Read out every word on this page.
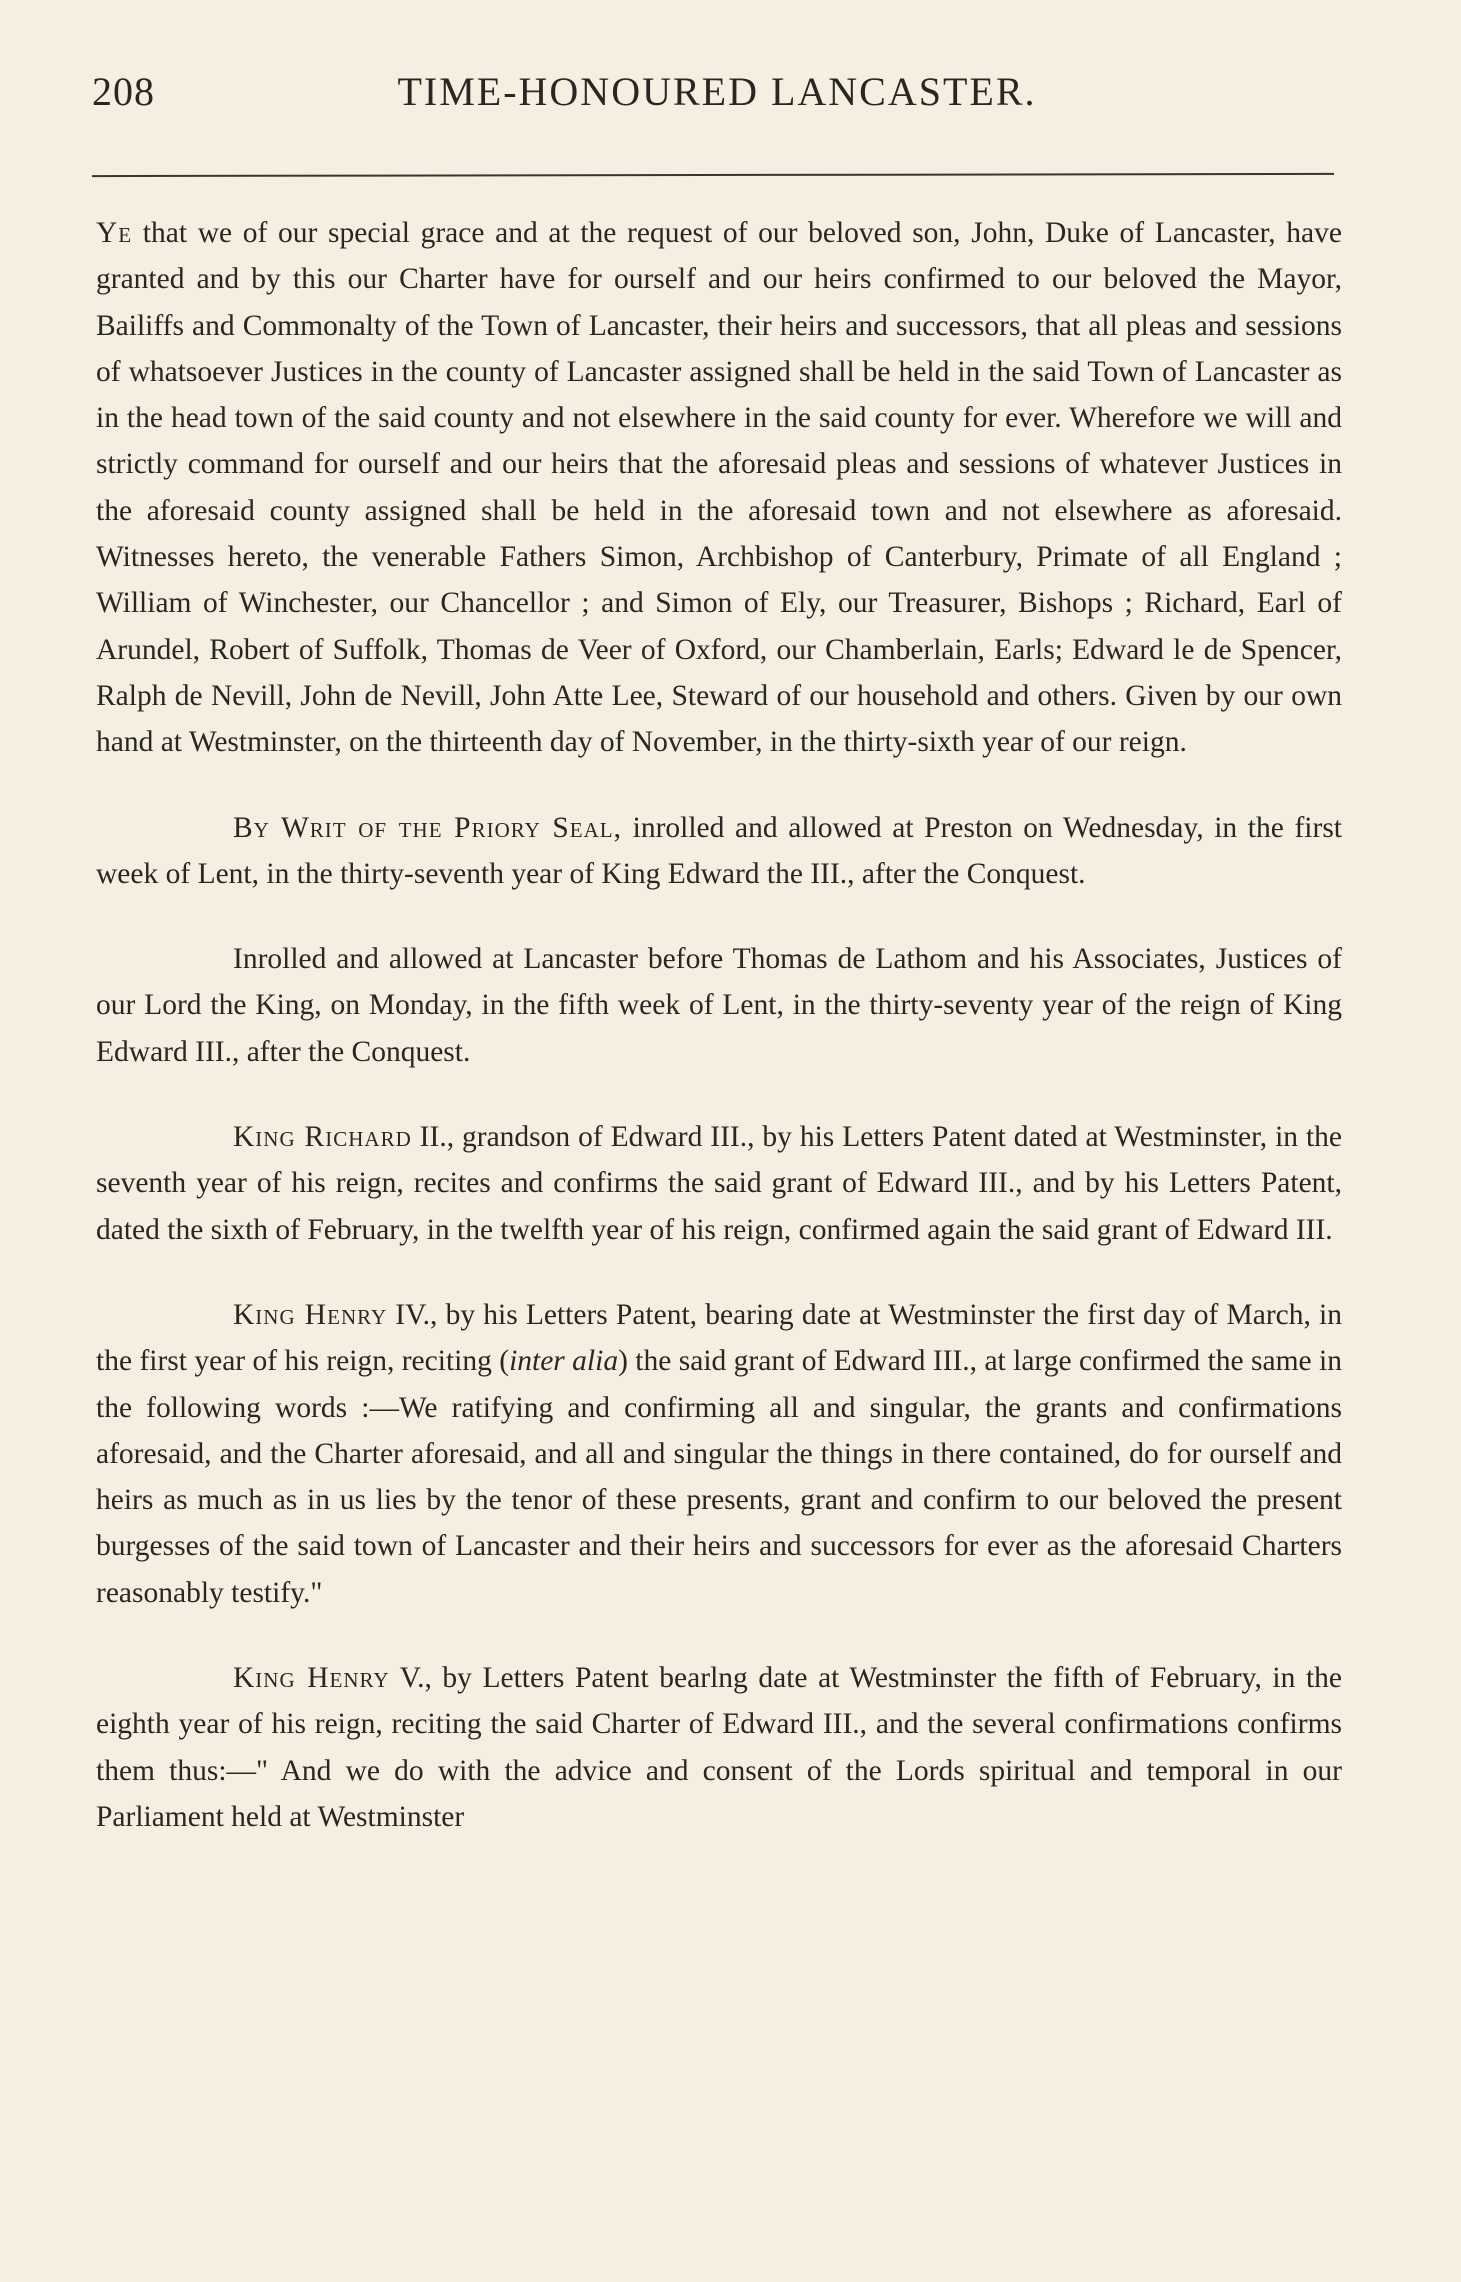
208	TIME-HONOURED LANCASTER.

Ye that we of our special grace and at the request of our beloved son, John, Duke of Lancaster, have granted and by this our Charter have for ourself and our heirs confirmed to our beloved the Mayor, Bailiffs and Commonalty of the Town of Lancaster, their heirs and successors, that all pleas and sessions of whatsoever Justices in the county of Lancaster assigned shall be held in the said Town of Lancaster as in the head town of the said county and not elsewhere in the said county for ever. Wherefore we will and strictly command for ourself and our heirs that the aforesaid pleas and sessions of whatever Justices in the aforesaid county assigned shall be held in the aforesaid town and not elsewhere as aforesaid. Witnesses hereto, the venerable Fathers Simon, Archbishop of Canterbury, Primate of all England ; William of Winchester, our Chancellor ; and Simon of Ely, our Treasurer, Bishops ; Richard, Earl of Arundel, Robert of Suffolk, Thomas de Veer of Oxford, our Chamberlain, Earls; Edward le de Spencer, Ralph de Nevill, John de Nevill, John Atte Lee, Steward of our household and others. Given by our own hand at Westminster, on the thirteenth day of November, in the thirty-sixth year of our reign.

By Writ of the Priory Seal, inrolled and allowed at Preston on Wednesday, in the first week of Lent, in the thirty-seventh year of King Edward the III., after the Conquest.

Inrolled and allowed at Lancaster before Thomas de Lathom and his Associates, Justices of our Lord the King, on Monday, in the fifth week of Lent, in the thirty-seventy year of the reign of King Edward III., after the Conquest.

King Richard II., grandson of Edward III., by his Letters Patent dated at Westminster, in the seventh year of his reign, recites and confirms the said grant of Edward III., and by his Letters Patent, dated the sixth of February, in the twelfth year of his reign, confirmed again the said grant of Edward III.

King Henry IV., by his Letters Patent, bearing date at Westminster the first day of March, in the first year of his reign, reciting (inter alia) the said grant of Edward III., at large confirmed the same in the following words :—We ratifying and confirming all and singular, the grants and confirmations aforesaid, and the Charter aforesaid, and all and singular the things in there contained, do for ourself and heirs as much as in us lies by the tenor of these presents, grant and confirm to our beloved the present burgesses of the said town of Lancaster and their heirs and successors for ever as the aforesaid Charters reasonably testify."

King Henry V., by Letters Patent bearlng date at Westminster the fifth of February, in the eighth year of his reign, reciting the said Charter of Edward III., and the several confirmations confirms them thus:—" And we do with the advice and consent of the Lords spiritual and temporal in our Parliament held at Westminster
